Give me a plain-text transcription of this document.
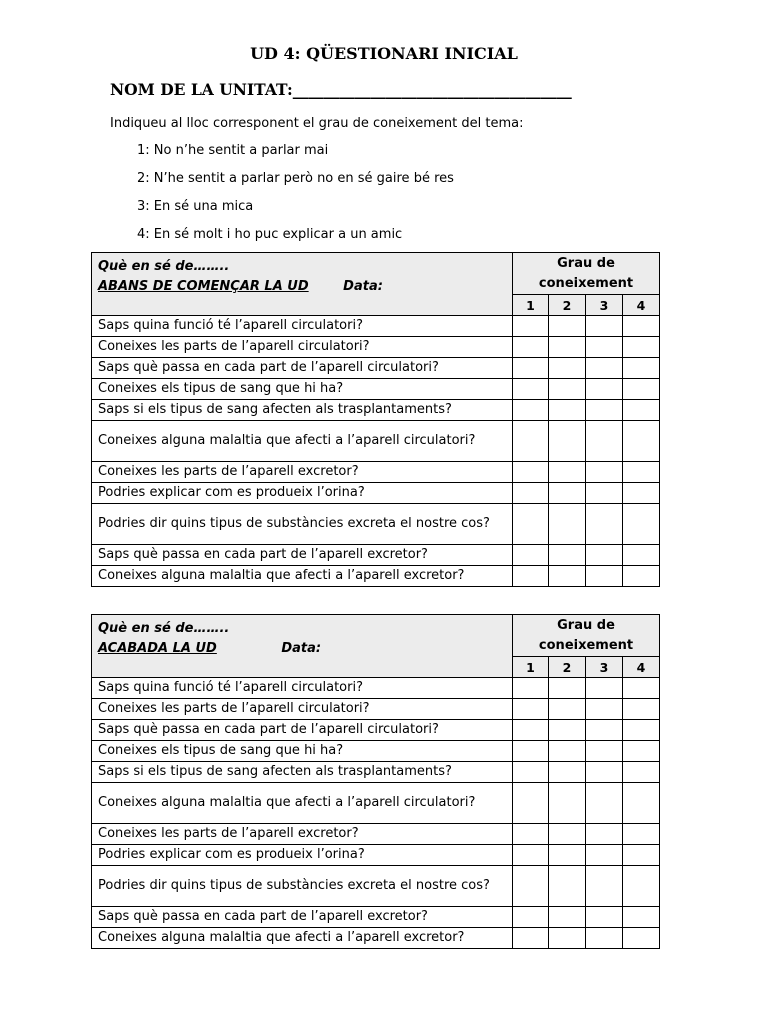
UD 4: QÜESTIONARI INICIAL
NOM DE LA UNITAT:____________________________________
Indiqueu al lloc corresponent el grau de coneixement del tema:
1: No n’he sentit a parlar mai
2: N’he sentit a parlar però no en sé gaire bé res
3: En sé una mica
4: En sé molt i ho puc explicar a un amic
Què en sé de……..
ABANS DE COMENÇAR LA UD Data:	Grau de coneixement			
	1	2	3	4
Saps quina funció té l’aparell circulatori?				
Coneixes les parts de l’aparell circulatori?				
Saps què passa en cada part de l’aparell circulatori?				
Coneixes els tipus de sang que hi ha?				
Saps si els tipus de sang afecten als trasplantaments?				
Coneixes alguna malaltia que afecti a l’aparell circulatori?				
Coneixes les parts de l’aparell excretor?				
Podries explicar com es produeix l’orina?				
Podries dir quins tipus de substàncies excreta el nostre cos?				
Saps què passa en cada part de l’aparell excretor?				
Coneixes alguna malaltia que afecti a l’aparell excretor?				
Què en sé de……..
ACABADA LA UD Data:	Grau de coneixement			
	1	2	3	4
Saps quina funció té l’aparell circulatori?				
Coneixes les parts de l’aparell circulatori?				
Saps què passa en cada part de l’aparell circulatori?				
Coneixes els tipus de sang que hi ha?				
Saps si els tipus de sang afecten als trasplantaments?				
Coneixes alguna malaltia que afecti a l’aparell circulatori?				
Coneixes les parts de l’aparell excretor?				
Podries explicar com es produeix l’orina?				
Podries dir quins tipus de substàncies excreta el nostre cos?				
Saps què passa en cada part de l’aparell excretor?				
Coneixes alguna malaltia que afecti a l’aparell excretor?				
